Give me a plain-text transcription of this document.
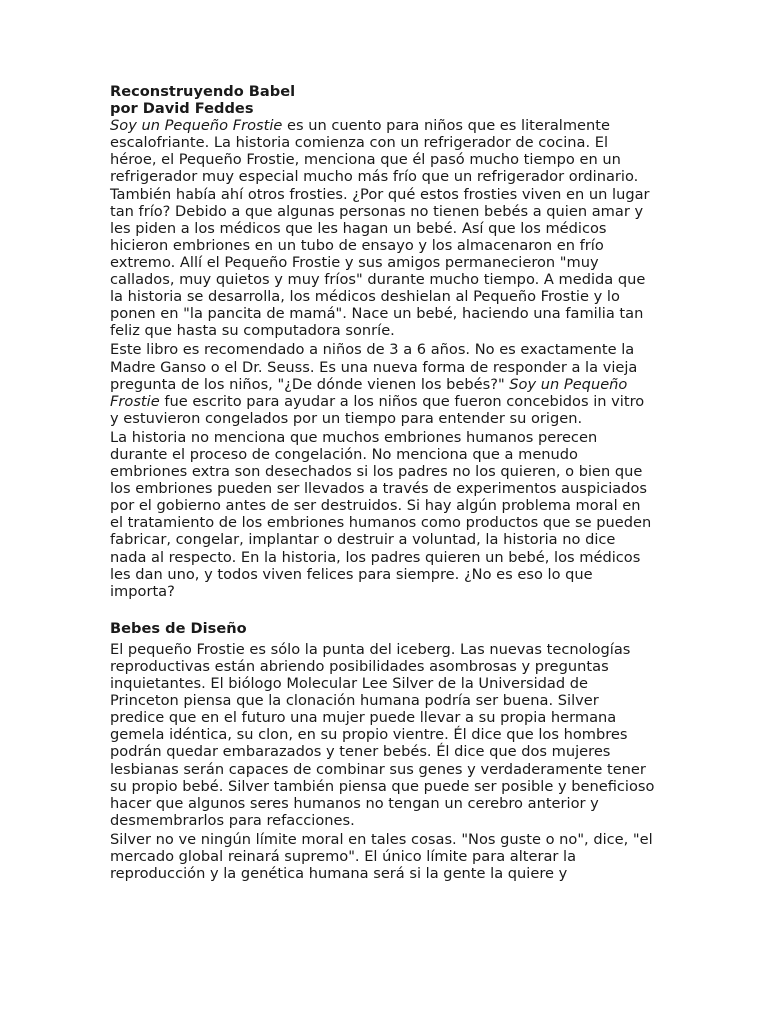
Reconstruyendo Babel
por David Feddes

Soy un Pequeño Frostie es un cuento para niños que es literalmente escalofriante. La historia comienza con un refrigerador de cocina. El héroe, el Pequeño Frostie, menciona que él pasó mucho tiempo en un refrigerador muy especial mucho más frío que un refrigerador ordinario. También había ahí otros frosties. ¿Por qué estos frosties viven en un lugar tan frío? Debido a que algunas personas no tienen bebés a quien amar y les piden a los médicos que les hagan un bebé. Así que los médicos hicieron embriones en un tubo de ensayo y los almacenaron en frío extremo. Allí el Pequeño Frostie y sus amigos permanecieron "muy callados, muy quietos y muy fríos" durante mucho tiempo. A medida que la historia se desarrolla, los médicos deshielan al Pequeño Frostie y lo ponen en "la pancita de mamá". Nace un bebé, haciendo una familia tan feliz que hasta su computadora sonríe.

Este libro es recomendado a niños de 3 a 6 años. No es exactamente la Madre Ganso o el Dr. Seuss. Es una nueva forma de responder a la vieja pregunta de los niños, "¿De dónde vienen los bebés?" Soy un Pequeño Frostie fue escrito para ayudar a los niños que fueron concebidos in vitro y estuvieron congelados por un tiempo para entender su origen.

La historia no menciona que muchos embriones humanos perecen durante el proceso de congelación. No menciona que a menudo embriones extra son desechados si los padres no los quieren, o bien que los embriones pueden ser llevados a través de experimentos auspiciados por el gobierno antes de ser destruidos. Si hay algún problema moral en el tratamiento de los embriones humanos como productos que se pueden fabricar, congelar, implantar o destruir a voluntad, la historia no dice nada al respecto. En la historia, los padres quieren un bebé, los médicos les dan uno, y todos viven felices para siempre. ¿No es eso lo que importa?

Bebes de Diseño

El pequeño Frostie es sólo la punta del iceberg. Las nuevas tecnologías reproductivas están abriendo posibilidades asombrosas y preguntas inquietantes. El biólogo Molecular Lee Silver de la Universidad de Princeton piensa que la clonación humana podría ser buena. Silver predice que en el futuro una mujer puede llevar a su propia hermana gemela idéntica, su clon, en su propio vientre. Él dice que los hombres podrán quedar embarazados y tener bebés. Él dice que dos mujeres lesbianas serán capaces de combinar sus genes y verdaderamente tener su propio bebé. Silver también piensa que puede ser posible y beneficioso hacer que algunos seres humanos no tengan un cerebro anterior y desmembrarlos para refacciones.

Silver no ve ningún límite moral en tales cosas. "Nos guste o no", dice, "el mercado global reinará supremo". El único límite para alterar la reproducción y la genética humana será si la gente la quiere y
